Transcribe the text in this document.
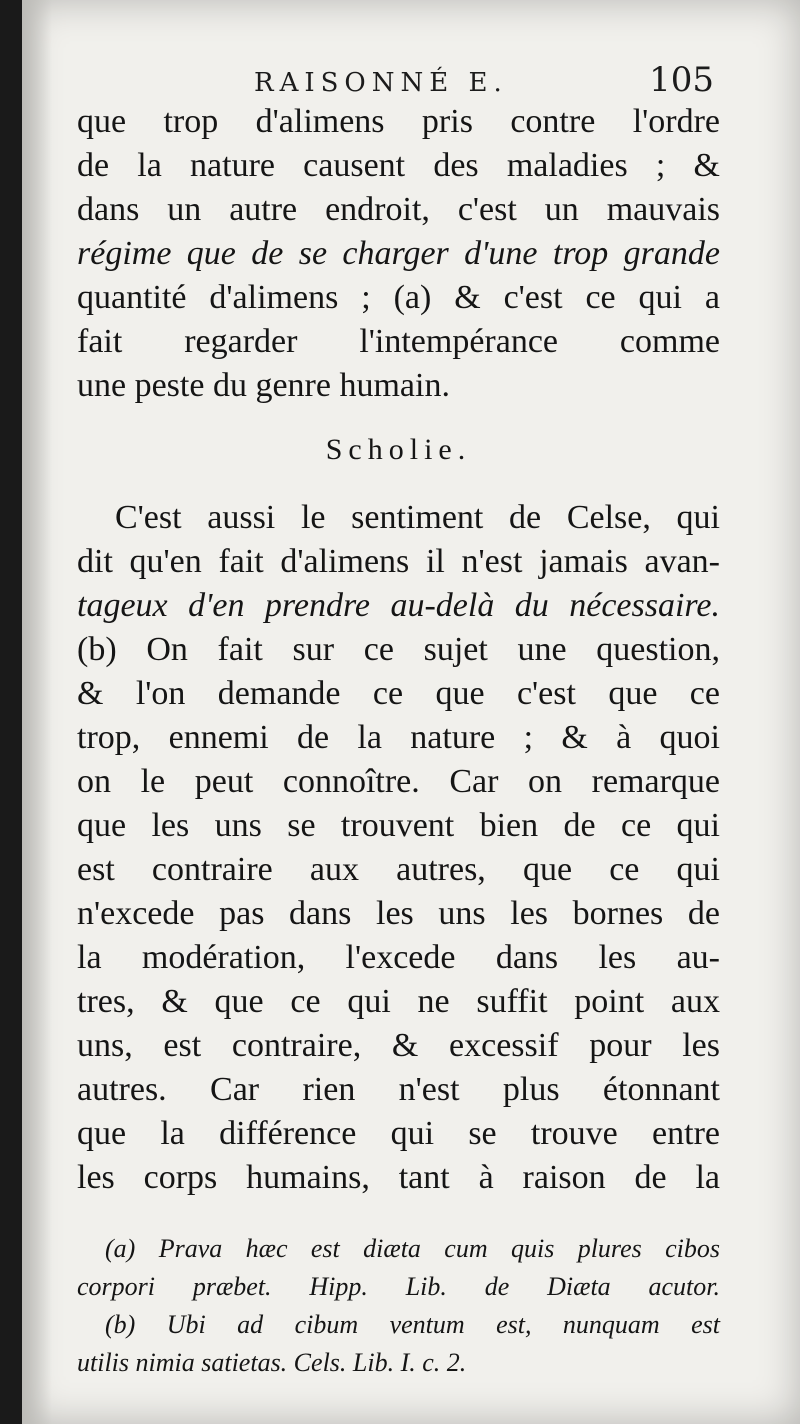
RAISONNÉ E.	105
que trop d'alimens pris contre l'ordre
de la nature causent des maladies ; &
dans un autre endroit, c'est un mauvais
régime que de se charger d'une trop grande
quantité d'alimens ; (a) & c'est ce qui a
fait regarder l'intempérance comme
une peste du genre humain.
Scholie.
C'est aussi le sentiment de Celse, qui
dit qu'en fait d'alimens il n'est jamais avan-
tageux d'en prendre au-delà du nécessaire.
(b) On fait sur ce sujet une question,
& l'on demande ce que c'est que ce
trop, ennemi de la nature ; & à quoi
on le peut connoître. Car on remarque
que les uns se trouvent bien de ce qui
est contraire aux autres, que ce qui
n'excede pas dans les uns les bornes de
la modération, l'excede dans les au-
tres, & que ce qui ne suffit point aux
uns, est contraire, & excessif pour les
autres. Car rien n'est plus étonnant
que la différence qui se trouve entre
les corps humains, tant à raison de la
(a) Prava hæc est diæta cum quis plures cibos
corpori præbet. Hipp. Lib. de Diæta acutor.
(b) Ubi ad cibum ventum est, nunquam est
utilis nimia satietas. Cels. Lib. I. c. 2.
